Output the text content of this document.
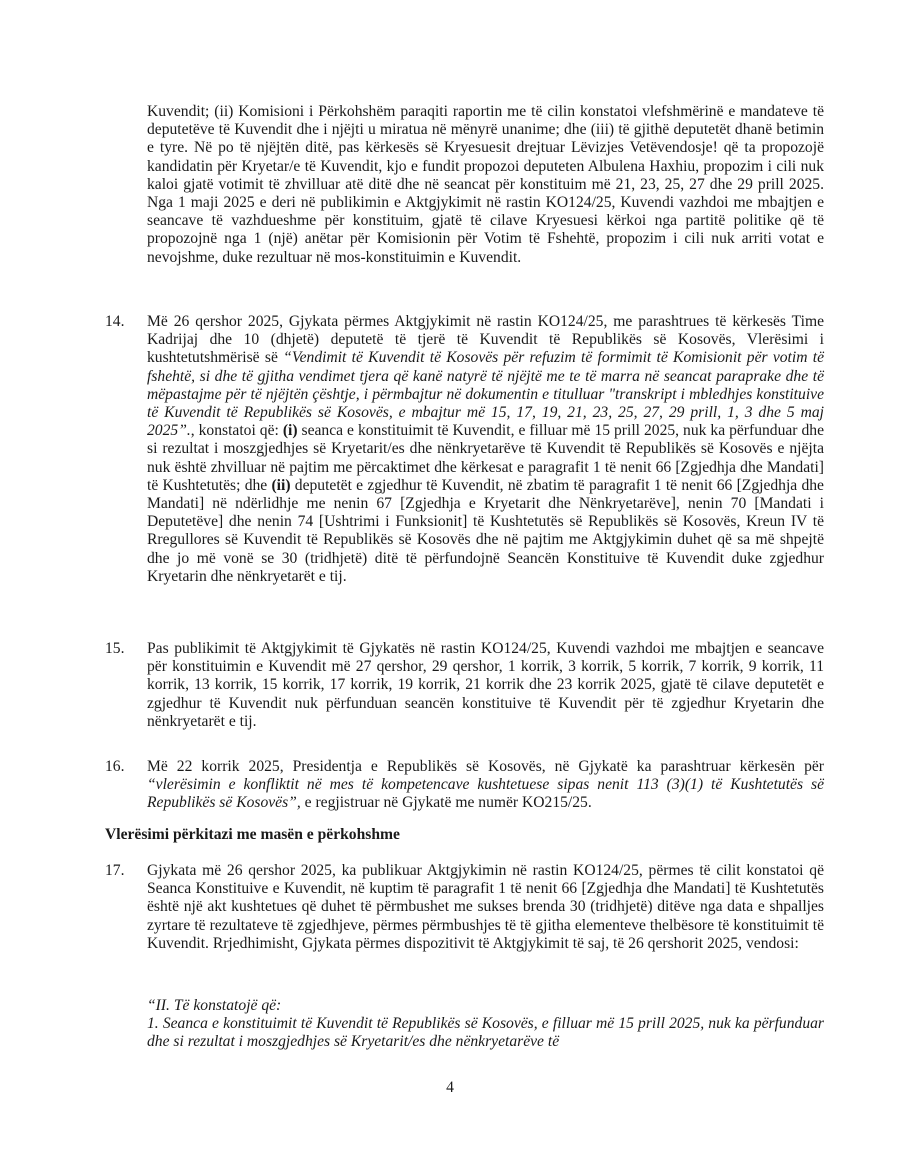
Kuvendit; (ii) Komisioni i Përkohshëm paraqiti raportin me të cilin konstatoi vlefshmërinë e mandateve të deputetëve të Kuvendit dhe i njëjti u miratua në mënyrë unanime; dhe (iii) të gjithë deputetët dhanë betimin e tyre. Në po të njëjtën ditë, pas kërkesës së Kryesuesit drejtuar Lëvizjes Vetëvendosje! që ta propozojë kandidatin për Kryetar/e të Kuvendit, kjo e fundit propozoi deputeten Albulena Haxhiu, propozim i cili nuk kaloi gjatë votimit të zhvilluar atë ditë dhe në seancat për konstituim më 21, 23, 25, 27 dhe 29 prill 2025. Nga 1 maji 2025 e deri në publikimin e Aktgjykimit në rastin KO124/25, Kuvendi vazhdoi me mbajtjen e seancave të vazhdueshme për konstituim, gjatë të cilave Kryesuesi kërkoi nga partitë politike që të propozojnë nga 1 (një) anëtar për Komisionin për Votim të Fshehtë, propozim i cili nuk arriti votat e nevojshme, duke rezultuar në mos-konstituimin e Kuvendit.

14. Më 26 qershor 2025, Gjykata përmes Aktgjykimit në rastin KO124/25, me parashtrues të kërkesës Time Kadrijaj dhe 10 (dhjetë) deputetë të tjerë të Kuvendit të Republikës së Kosovës, Vlerësimi i kushtetutshmërisë së “Vendimit të Kuvendit të Kosovës për refuzim të formimit të Komisionit për votim të fshehtë, si dhe të gjitha vendimet tjera që kanë natyrë të njëjtë me te të marra në seancat paraprake dhe të mëpastajme për të njëjtën çështje, i përmbajtur në dokumentin e titulluar "transkript i mbledhjes konstituive të Kuvendit të Republikës së Kosovës, e mbajtur më 15, 17, 19, 21, 23, 25, 27, 29 prill, 1, 3 dhe 5 maj 2025”., konstatoi që: (i) seanca e konstituimit të Kuvendit, e filluar më 15 prill 2025, nuk ka përfunduar dhe si rezultat i moszgjedhjes së Kryetarit/es dhe nënkryetarëve të Kuvendit të Republikës së Kosovës e njëjta nuk është zhvilluar në pajtim me përcaktimet dhe kërkesat e paragrafit 1 të nenit 66 [Zgjedhja dhe Mandati] të Kushtetutës; dhe (ii) deputetët e zgjedhur të Kuvendit, në zbatim të paragrafit 1 të nenit 66 [Zgjedhja dhe Mandati] në ndërlidhje me nenin 67 [Zgjedhja e Kryetarit dhe Nënkryetarëve], nenin 70 [Mandati i Deputetëve] dhe nenin 74 [Ushtrimi i Funksionit] të Kushtetutës së Republikës së Kosovës, Kreun IV të Rregullores së Kuvendit të Republikës së Kosovës dhe në pajtim me Aktgjykimin duhet që sa më shpejtë dhe jo më vonë se 30 (tridhjetë) ditë të përfundojnë Seancën Konstituive të Kuvendit duke zgjedhur Kryetarin dhe nënkryetarët e tij.

15. Pas publikimit të Aktgjykimit të Gjykatës në rastin KO124/25, Kuvendi vazhdoi me mbajtjen e seancave për konstituimin e Kuvendit më 27 qershor, 29 qershor, 1 korrik, 3 korrik, 5 korrik, 7 korrik, 9 korrik, 11 korrik, 13 korrik, 15 korrik, 17 korrik, 19 korrik, 21 korrik dhe 23 korrik 2025, gjatë të cilave deputetët e zgjedhur të Kuvendit nuk përfunduan seancën konstituive të Kuvendit për të zgjedhur Kryetarin dhe nënkryetarët e tij.

16. Më 22 korrik 2025, Presidentja e Republikës së Kosovës, në Gjykatë ka parashtruar kërkesën për “vlerësimin e konfliktit në mes të kompetencave kushtetuese sipas nenit 113 (3)(1) të Kushtetutës së Republikës së Kosovës”, e regjistruar në Gjykatë me numër KO215/25.

Vlerësimi përkitazi me masën e përkohshme

17. Gjykata më 26 qershor 2025, ka publikuar Aktgjykimin në rastin KO124/25, përmes të cilit konstatoi që Seanca Konstituive e Kuvendit, në kuptim të paragrafit 1 të nenit 66 [Zgjedhja dhe Mandati] të Kushtetutës është një akt kushtetues që duhet të përmbushet me sukses brenda 30 (tridhjetë) ditëve nga data e shpalljes zyrtare të rezultateve të zgjedhjeve, përmes përmbushjes të të gjitha elementeve thelbësore të konstituimit të Kuvendit. Rrjedhimisht, Gjykata përmes dispozitivit të Aktgjykimit të saj, të 26 qershorit 2025, vendosi:

“II. Të konstatojë që:
1. Seanca e konstituimit të Kuvendit të Republikës së Kosovës, e filluar më 15 prill 2025, nuk ka përfunduar dhe si rezultat i moszgjedhjes së Kryetarit/es dhe nënkryetarëve të

4
